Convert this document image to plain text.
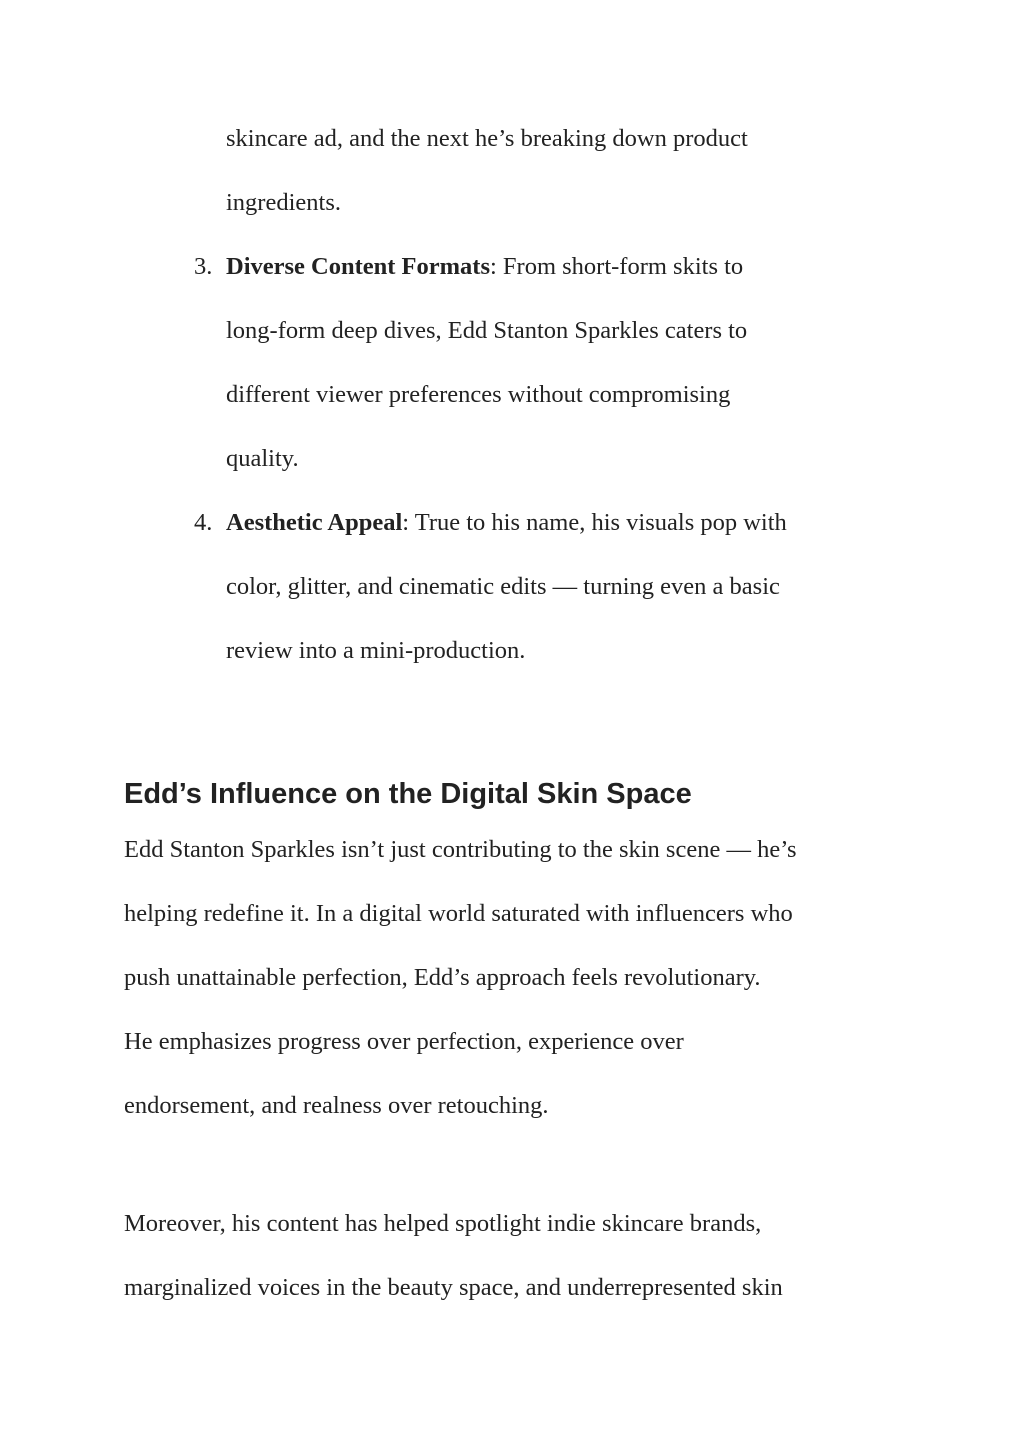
skincare ad, and the next he’s breaking down product
ingredients.
3. Diverse Content Formats: From short-form skits to
long-form deep dives, Edd Stanton Sparkles caters to
different viewer preferences without compromising
quality.
4. Aesthetic Appeal: True to his name, his visuals pop with
color, glitter, and cinematic edits — turning even a basic
review into a mini-production.
Edd’s Influence on the Digital Skin Space
Edd Stanton Sparkles isn’t just contributing to the skin scene — he’s
helping redefine it. In a digital world saturated with influencers who
push unattainable perfection, Edd’s approach feels revolutionary.
He emphasizes progress over perfection, experience over
endorsement, and realness over retouching.
Moreover, his content has helped spotlight indie skincare brands,
marginalized voices in the beauty space, and underrepresented skin
